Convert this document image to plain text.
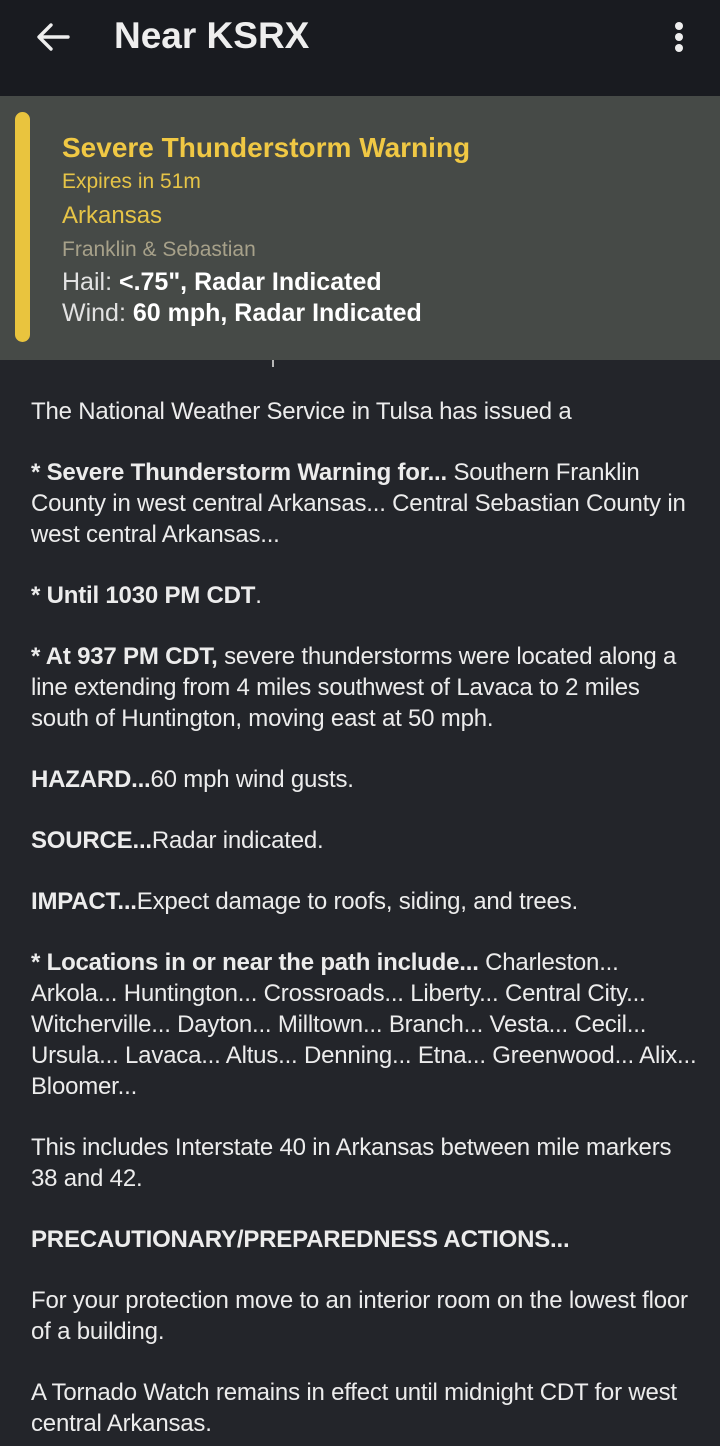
Near KSRX
Severe Thunderstorm Warning
Expires in 51m
Arkansas
Franklin & Sebastian
Hail: <.75", Radar Indicated
Wind: 60 mph, Radar Indicated

The National Weather Service in Tulsa has issued a

* Severe Thunderstorm Warning for... Southern Franklin County in west central Arkansas... Central Sebastian County in west central Arkansas...

* Until 1030 PM CDT.

* At 937 PM CDT, severe thunderstorms were located along a line extending from 4 miles southwest of Lavaca to 2 miles south of Huntington, moving east at 50 mph.

HAZARD...60 mph wind gusts.

SOURCE...Radar indicated.

IMPACT...Expect damage to roofs, siding, and trees.

* Locations in or near the path include... Charleston... Arkola... Huntington... Crossroads... Liberty... Central City... Witcherville... Dayton... Milltown... Branch... Vesta... Cecil... Ursula... Lavaca... Altus... Denning... Etna... Greenwood... Alix... Bloomer...

This includes Interstate 40 in Arkansas between mile markers 38 and 42.

PRECAUTIONARY/PREPAREDNESS ACTIONS...

For your protection move to an interior room on the lowest floor of a building.

A Tornado Watch remains in effect until midnight CDT for west central Arkansas.
